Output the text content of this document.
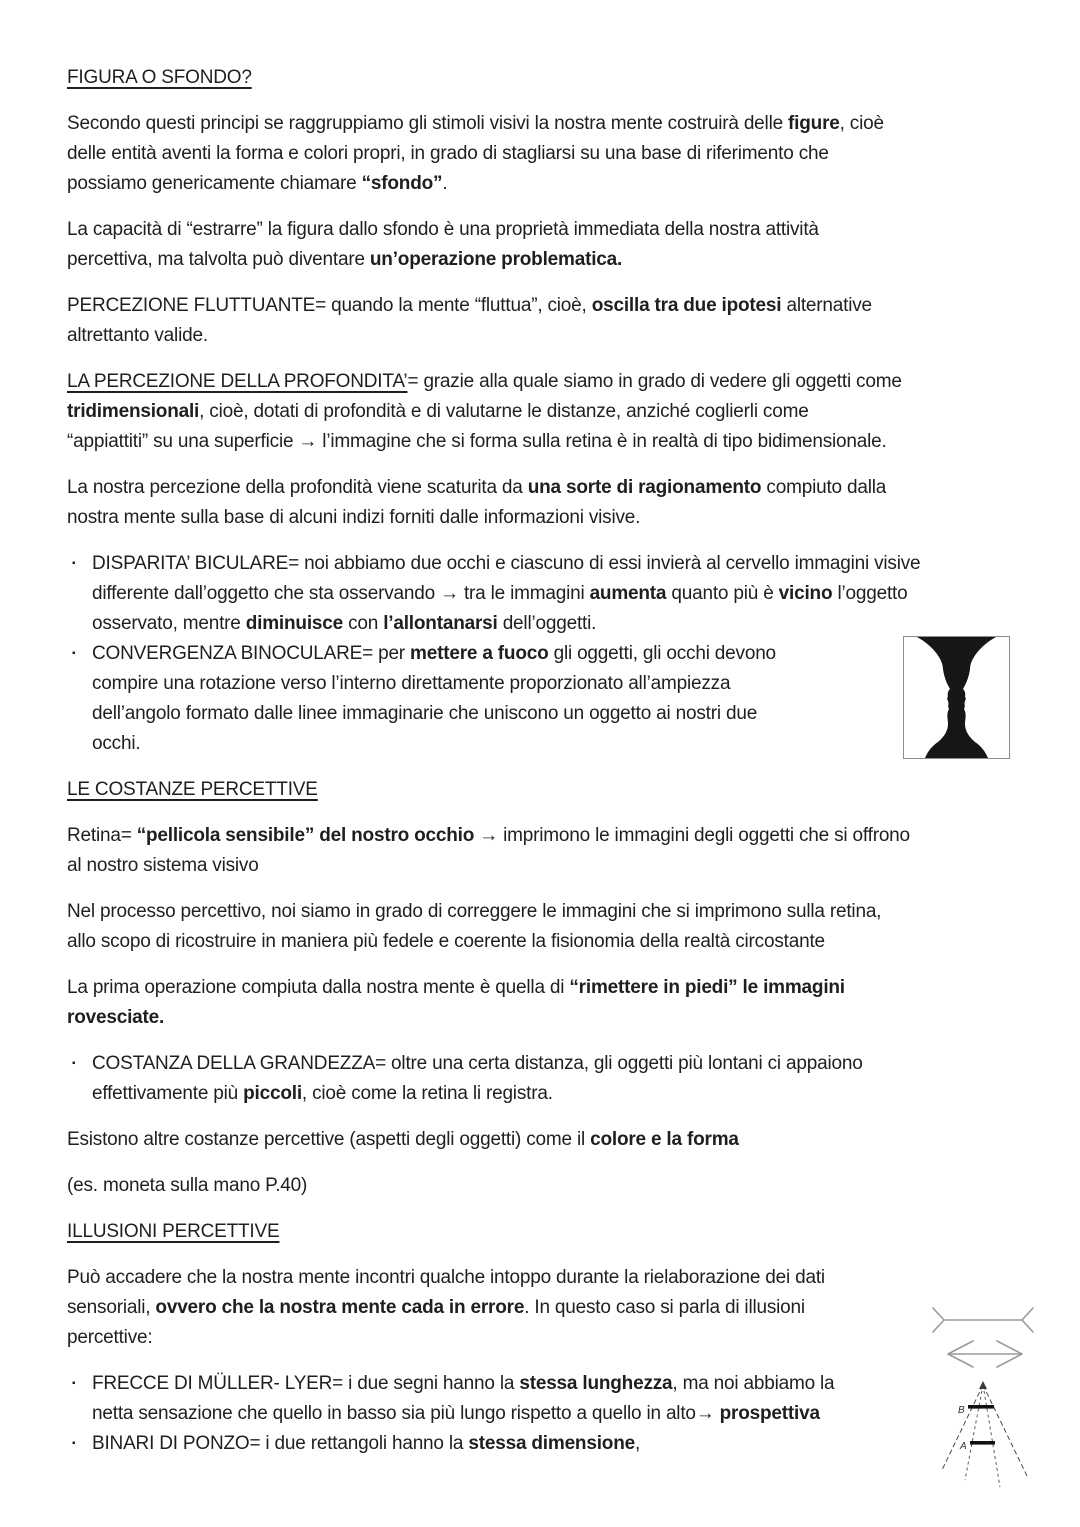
FIGURA O SFONDO?
Secondo questi principi se raggruppiamo gli stimoli visivi la nostra mente costruirà delle figure, cioè
delle entità aventi la forma e colori propri, in grado di stagliarsi su una base di riferimento che
possiamo genericamente chiamare “sfondo”.
La capacità di “estrarre” la figura dallo sfondo è una proprietà immediata della nostra attività
percettiva, ma talvolta può diventare un’operazione problematica.
PERCEZIONE FLUTTUANTE= quando la mente “fluttua”, cioè, oscilla tra due ipotesi alternative
altrettanto valide.
LA PERCEZIONE DELLA PROFONDITA’= grazie alla quale siamo in grado di vedere gli oggetti come
tridimensionali, cioè, dotati di profondità e di valutarne le distanze, anziché coglierli come
“appiattiti” su una superficie → l’immagine che si forma sulla retina è in realtà di tipo bidimensionale.
La nostra percezione della profondità viene scaturita da una sorte di ragionamento compiuto dalla
nostra mente sulla base di alcuni indizi forniti dalle informazioni visive.
▪ DISPARITA’ BICULARE= noi abbiamo due occhi e ciascuno di essi invierà al cervello immagini visive
differente dall’oggetto che sta osservando → tra le immagini aumenta quanto più è vicino l’oggetto
osservato, mentre diminuisce con l’allontanarsi dell’oggetti.
▪ CONVERGENZA BINOCULARE= per mettere a fuoco gli oggetti, gli occhi devono
compire una rotazione verso l’interno direttamente proporzionato all’ampiezza
dell’angolo formato dalle linee immaginarie che uniscono un oggetto ai nostri due
occhi.
LE COSTANZE PERCETTIVE
Retina= “pellicola sensibile” del nostro occhio → imprimono le immagini degli oggetti che si offrono
al nostro sistema visivo
Nel processo percettivo, noi siamo in grado di correggere le immagini che si imprimono sulla retina,
allo scopo di ricostruire in maniera più fedele e coerente la fisionomia della realtà circostante
La prima operazione compiuta dalla nostra mente è quella di “rimettere in piedi” le immagini
rovesciate.
▪ COSTANZA DELLA GRANDEZZA= oltre una certa distanza, gli oggetti più lontani ci appaiono
effettivamente più piccoli, cioè come la retina li registra.
Esistono altre costanze percettive (aspetti degli oggetti) come il colore e la forma
(es. moneta sulla mano P.40)
ILLUSIONI PERCETTIVE
Può accadere che la nostra mente incontri qualche intoppo durante la rielaborazione dei dati
sensoriali, ovvero che la nostra mente cada in errore. In questo caso si parla di illusioni
percettive:
▪ FRECCE DI MÜLLER- LYER= i due segni hanno la stessa lunghezza, ma noi abbiamo la
netta sensazione che quello in basso sia più lungo rispetto a quello in alto→ prospettiva
▪ BINARI DI PONZO= i due rettangoli hanno la stessa dimensione,
B
A
